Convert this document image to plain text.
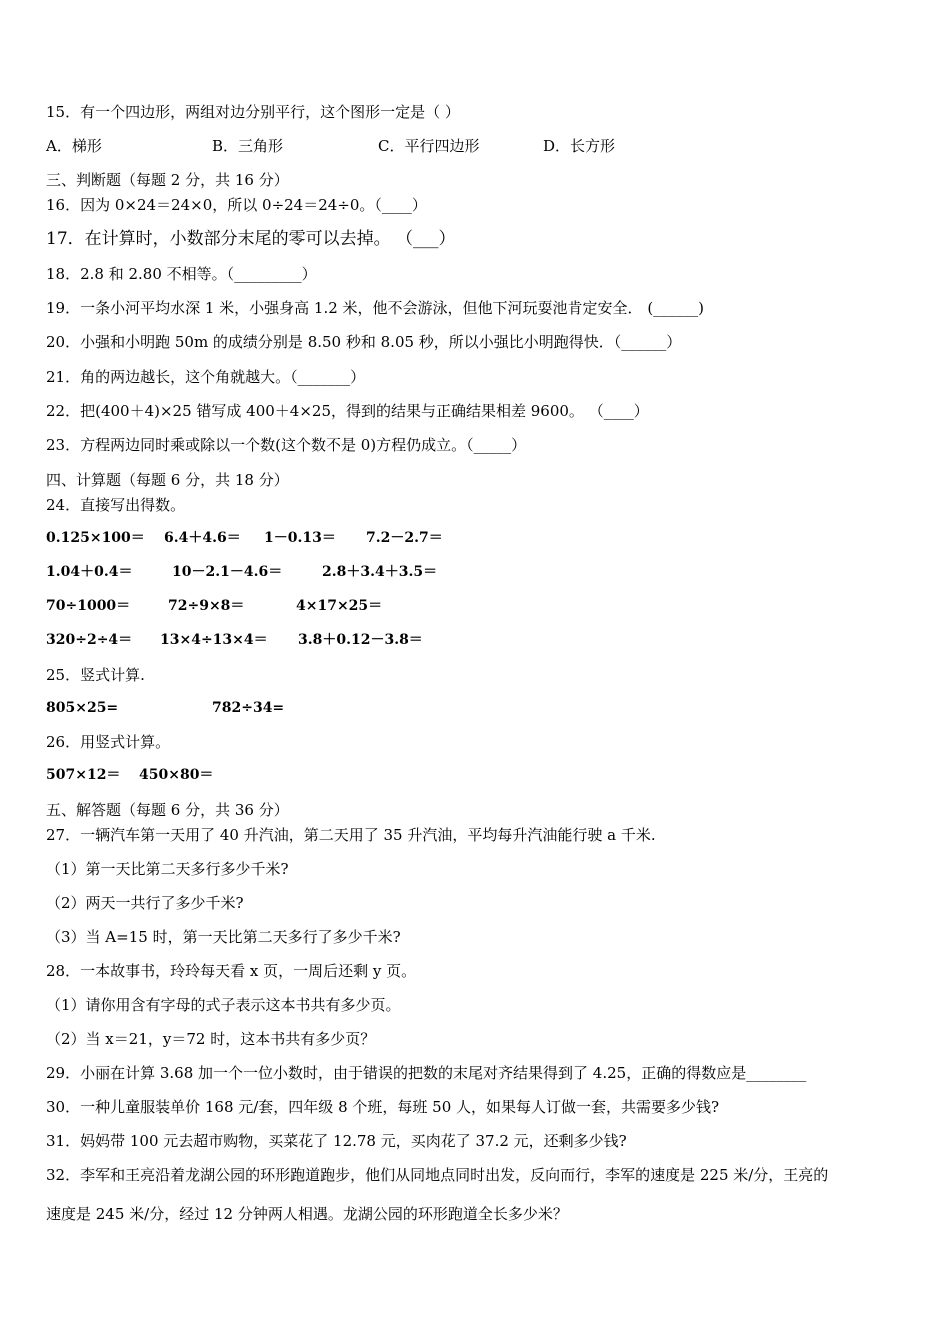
15．有一个四边形，两组对边分别平行，这个图形一定是（ ）
A．梯形	B．三角形	C．平行四边形	D．长方形
三、判断题（每题 2 分，共 16 分）
16．因为 0×24＝24×0，所以 0÷24＝24÷0。（____）
17．在计算时，小数部分末尾的零可以去掉。 （___）
18．2.8 和 2.80 不相等。（_________）
19．一条小河平均水深 1 米，小强身高 1.2 米，他不会游泳，但他下河玩耍池肯定安全． (______)
20．小强和小明跑 50m 的成绩分别是 8.50 秒和 8.05 秒，所以小强比小明跑得快．（______）
21．角的两边越长，这个角就越大。（_______）
22．把(400＋4)×25 错写成 400＋4×25，得到的结果与正确结果相差 9600。 （____）
23．方程两边同时乘或除以一个数(这个数不是 0)方程仍成立。（_____）
四、计算题（每题 6 分，共 18 分）
24．直接写出得数。
0.125×100＝ 6.4＋4.6＝ 1－0.13＝ 7.2－2.7＝
1.04＋0.4＝	10－2.1－4.6＝	2.8＋3.4＋3.5＝
70÷1000＝	72÷9×8＝	4×17×25＝
320÷2÷4＝ 13×4÷13×4＝ 3.8＋0.12－3.8＝
25．竖式计算.
805×25=	782÷34=
26．用竖式计算。
507×12＝ 450×80＝
五、解答题（每题 6 分，共 36 分）
27．一辆汽车第一天用了 40 升汽油，第二天用了 35 升汽油，平均每升汽油能行驶 a 千米.
（1）第一天比第二天多行多少千米?
（2）两天一共行了多少千米?
（3）当 A=15 时，第一天比第二天多行了多少千米?
28．一本故事书，玲玲每天看 x 页，一周后还剩 y 页。
（1）请你用含有字母的式子表示这本书共有多少页。
（2）当 x＝21，y＝72 时，这本书共有多少页？
29．小丽在计算 3.68 加一个一位小数时，由于错误的把数的末尾对齐结果得到了 4.25，正确的得数应是________
30．一种儿童服装单价 168 元/套，四年级 8 个班，每班 50 人，如果每人订做一套，共需要多少钱?
31．妈妈带 100 元去超市购物，买菜花了 12.78 元，买肉花了 37.2 元，还剩多少钱?
32．李军和王亮沿着龙湖公园的环形跑道跑步，他们从同地点同时出发，反向而行，李军的速度是 225 米/分，王亮的
速度是 245 米/分，经过 12 分钟两人相遇。龙湖公园的环形跑道全长多少米？
